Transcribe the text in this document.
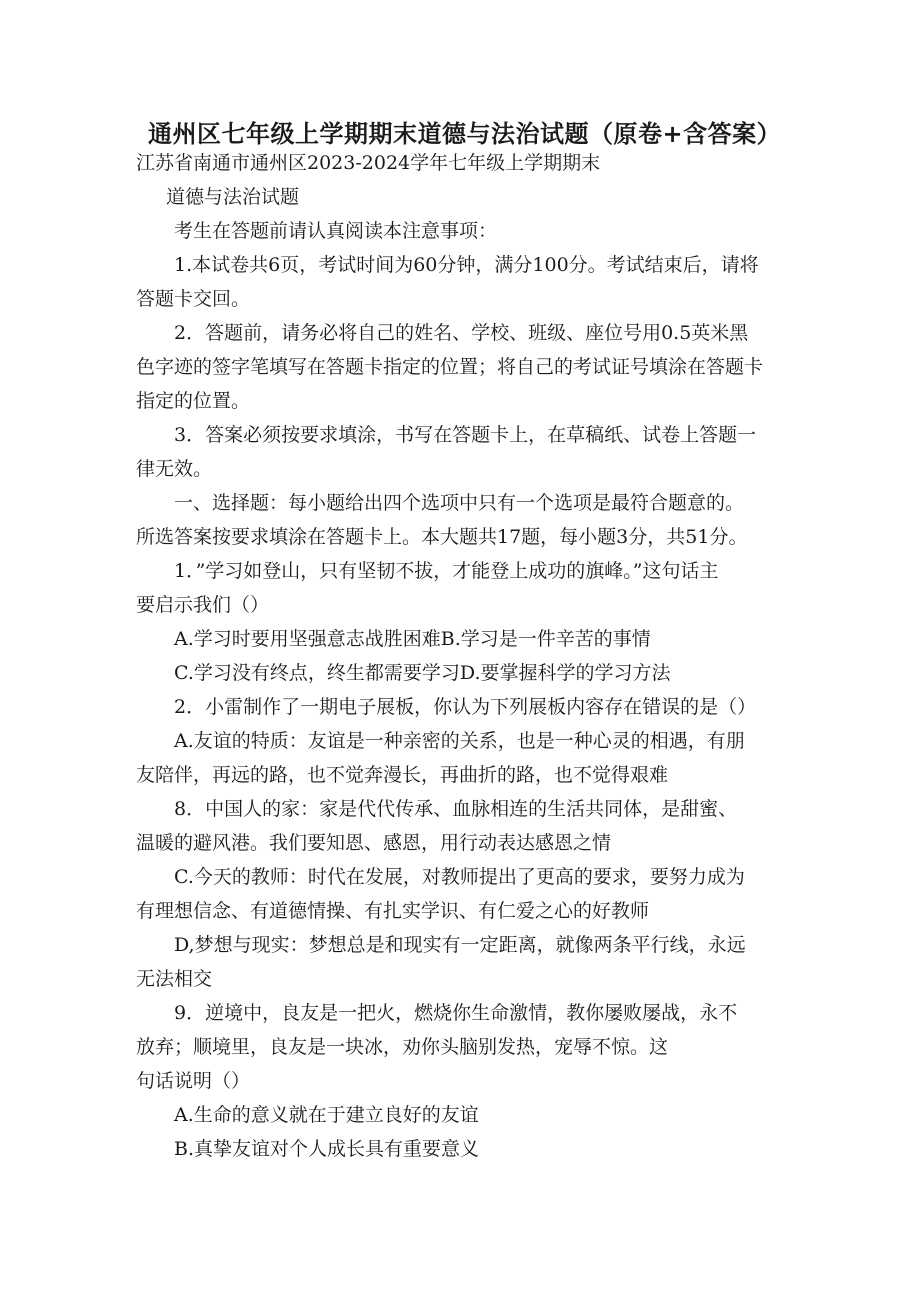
通州区七年级上学期期末道德与法治试题（原卷+含答案）

江苏省南通市通州区2023-2024学年七年级上学期期末

道德与法治试题

考生在答题前请认真阅读本注意事项：

1.本试卷共6页，考试时间为60分钟，满分100分。考试结束后，请将

答题卡交回。

2．答题前，请务必将自己的姓名、学校、班级、座位号用0.5英米黑

色字迹的签字笔填写在答题卡指定的位置；将自己的考试证号填涂在答题卡

指定的位置。

3．答案必须按要求填涂，书写在答题卡上，在草稿纸、试卷上答题一

律无效。

一、选择题：每小题给出四个选项中只有一个选项是最符合题意的。

所选答案按要求填涂在答题卡上。本大题共17题，每小题3分，共51分。

1．”学习如登山，只有坚韧不拔，才能登上成功的旗峰。”这句话主

要启示我们（）

A.学习时要用坚强意志战胜困难B.学习是一件辛苦的事情

C.学习没有终点，终生都需要学习D.要掌握科学的学习方法

2．小雷制作了一期电子展板，你认为下列展板内容存在错误的是（）

A.友谊的特质：友谊是一种亲密的关系，也是一种心灵的相遇，有朋

友陪伴，再远的路，也不觉奔漫长，再曲折的路，也不觉得艰难

8．中国人的家：家是代代传承、血脉相连的生活共同体，是甜蜜、

温暖的避风港。我们要知恩、感恩，用行动表达感恩之情

C.今天的教师：时代在发展，对教师提出了更高的要求，要努力成为

有理想信念、有道德情操、有扎实学识、有仁爱之心的好教师

D,梦想与现实：梦想总是和现实有一定距离，就像两条平行线，永远

无法相交

9．逆境中，良友是一把火，燃烧你生命激情，教你屡败屡战，永不

放弃；顺境里，良友是一块冰，劝你头脑别发热，宠辱不惊。这

句话说明（）

A.生命的意义就在于建立良好的友谊

B.真挚友谊对个人成长具有重要意义
